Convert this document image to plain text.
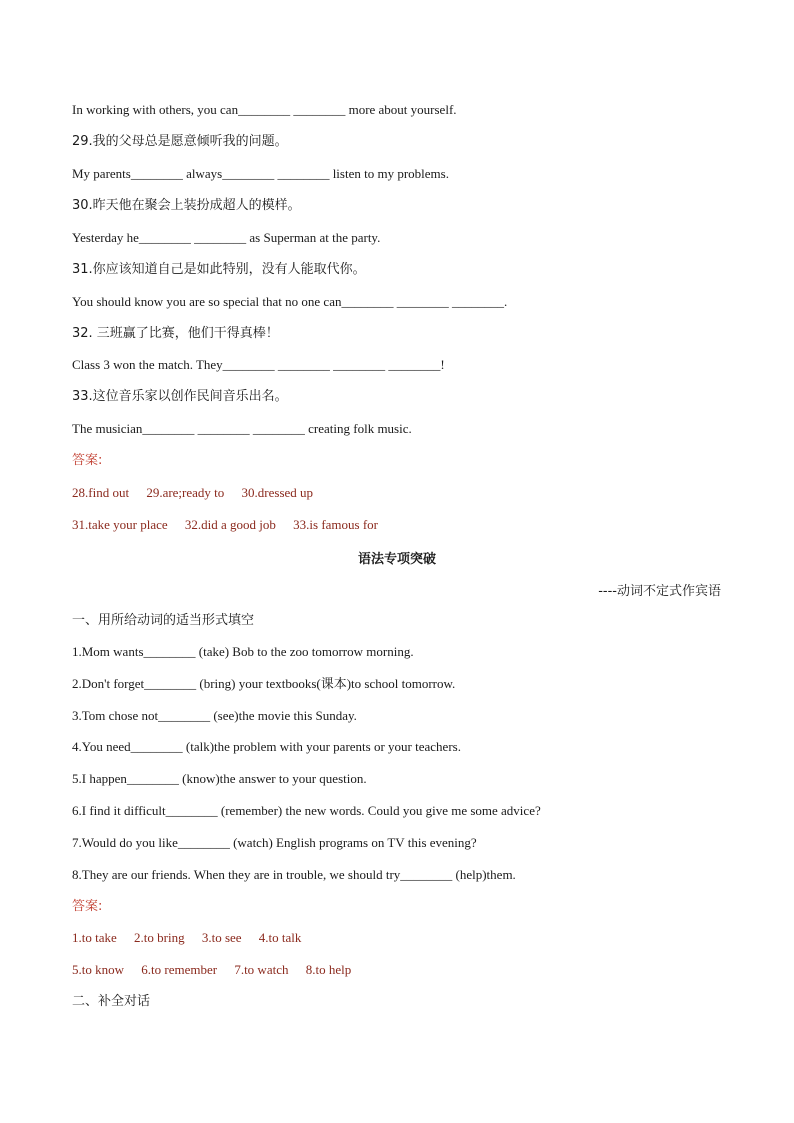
In working with others, you can________ ________ more about yourself.
29.我的父母总是愿意倾听我的问题。
My parents________ always________ ________ listen to my problems.
30.昨天他在聚会上装扮成超人的模样。
Yesterday he________ ________ as Superman at the party.
31.你应该知道自己是如此特别，没有人能取代你。
You should know you are so special that no one can________ ________ ________.
32. 三班赢了比赛，他们干得真棒！
Class 3 won the match. They________ ________ ________ ________!
33.这位音乐家以创作民间音乐出名。
The musician________ ________ ________ creating folk music.
答案:
28.find out 29.are;ready to 30.dressed up
31.take your place 32.did a good job 33.is famous for
语法专项突破
----动词不定式作宾语
一、用所给动词的适当形式填空
1.Mom wants________ (take) Bob to the zoo tomorrow morning.
2.Don't forget________ (bring) your textbooks(课本)to school tomorrow.
3.Tom chose not________ (see)the movie this Sunday.
4.You need________ (talk)the problem with your parents or your teachers.
5.I happen________ (know)the answer to your question.
6.I find it difficult________ (remember) the new words. Could you give me some advice?
7.Would do you like________ (watch) English programs on TV this evening?
8.They are our friends. When they are in trouble, we should try________ (help)them.
答案:
1.to take 2.to bring 3.to see 4.to talk
5.to know 6.to remember 7.to watch 8.to help
二、补全对话
